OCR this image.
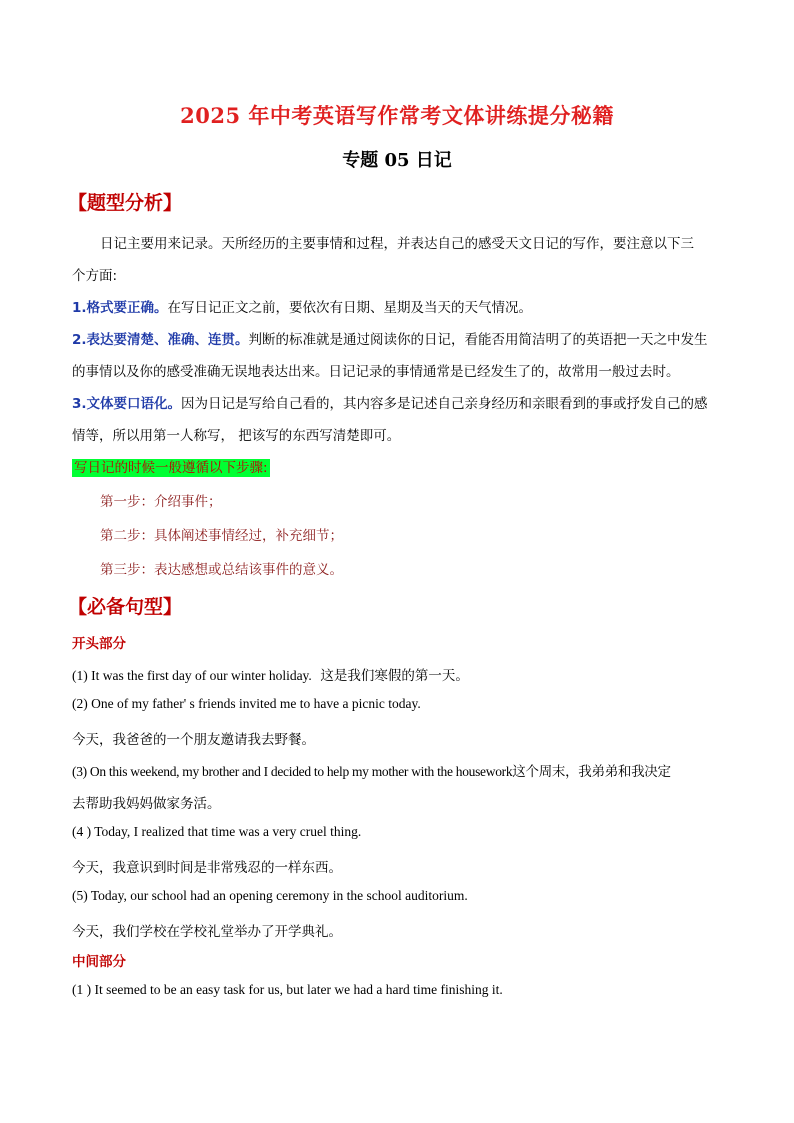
2025 年中考英语写作常考文体讲练提分秘籍
专题 05 日记
【题型分析】
日记主要用来记录。天所经历的主要事情和过程，并表达自己的感受天文日记的写作，要注意以下三
个方面:
1.格式要正确。在写日记正文之前，要依次有日期、星期及当天的天气情况。
2.表达要清楚、准确、连贯。判断的标准就是通过阅读你的日记，看能否用简洁明了的英语把一天之中发生
的事情以及你的感受准确无误地表达出来。日记记录的事情通常是已经发生了的，故常用一般过去时。
3.文体要口语化。因为日记是写给自己看的，其内容多是记述自己亲身经历和亲眼看到的事或抒发自己的感
情等，所以用第一人称写， 把该写的东西写清楚即可。
写日记的时候一般遵循以下步骤:
第一步：介绍事件；
第二步：具体阐述事情经过，补充细节；
第三步：表达感想或总结该事件的意义。
【必备句型】
开头部分
(1) It was the first day of our winter holiday. 这是我们寒假的第一天。
(2) One of my father' s friends invited me to have a picnic today.
今天，我爸爸的一个朋友邀请我去野餐。
(3) On this weekend, my brother and I decided to help my mother with the housework这个周末，我弟弟和我决定
去帮助我妈妈做家务活。
(4 ) Today, I realized that time was a very cruel thing.
今天，我意识到时间是非常残忍的一样东西。
(5) Today, our school had an opening ceremony in the school auditorium.
今天，我们学校在学校礼堂举办了开学典礼。
中间部分
(1 ) It seemed to be an easy task for us, but later we had a hard time finishing it.
